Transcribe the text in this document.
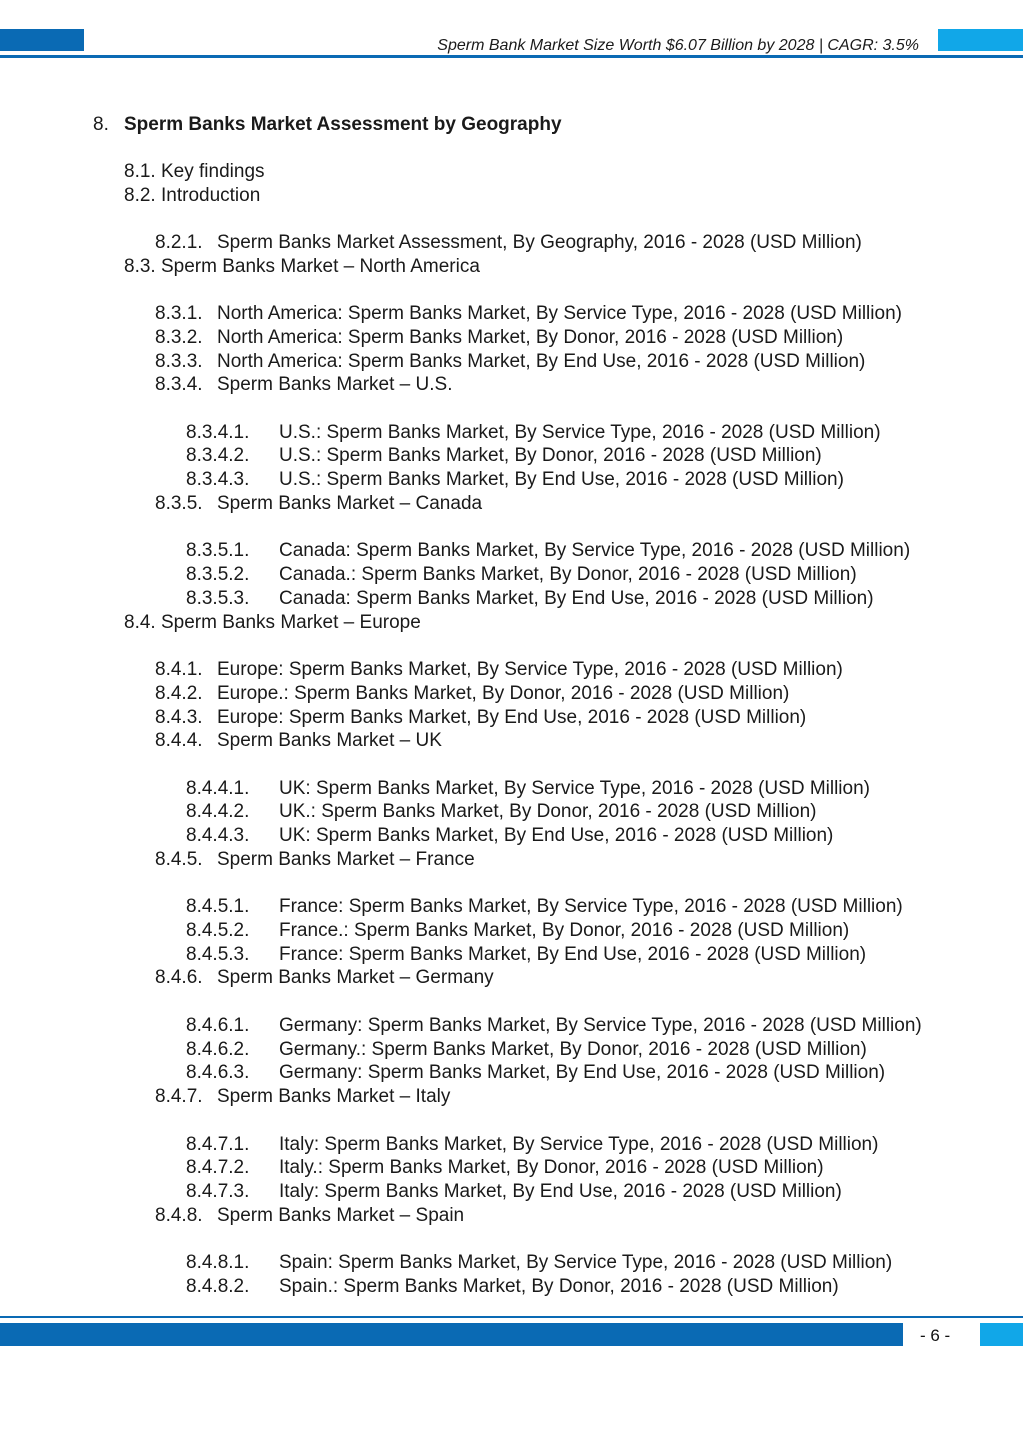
Sperm Bank Market Size Worth $6.07 Billion by 2028 | CAGR: 3.5%
8. Sperm Banks Market Assessment by Geography
8.1. Key findings
8.2. Introduction
8.2.1. Sperm Banks Market Assessment, By Geography, 2016 - 2028 (USD Million)
8.3. Sperm Banks Market – North America
8.3.1. North America: Sperm Banks Market, By Service Type, 2016 - 2028 (USD Million)
8.3.2. North America: Sperm Banks Market, By Donor, 2016 - 2028 (USD Million)
8.3.3. North America: Sperm Banks Market, By End Use, 2016 - 2028 (USD Million)
8.3.4. Sperm Banks Market – U.S.
8.3.4.1. U.S.: Sperm Banks Market, By Service Type, 2016 - 2028 (USD Million)
8.3.4.2. U.S.: Sperm Banks Market, By Donor, 2016 - 2028 (USD Million)
8.3.4.3. U.S.: Sperm Banks Market, By End Use, 2016 - 2028 (USD Million)
8.3.5. Sperm Banks Market – Canada
8.3.5.1. Canada: Sperm Banks Market, By Service Type, 2016 - 2028 (USD Million)
8.3.5.2. Canada.: Sperm Banks Market, By Donor, 2016 - 2028 (USD Million)
8.3.5.3. Canada: Sperm Banks Market, By End Use, 2016 - 2028 (USD Million)
8.4. Sperm Banks Market – Europe
8.4.1. Europe: Sperm Banks Market, By Service Type, 2016 - 2028 (USD Million)
8.4.2. Europe.: Sperm Banks Market, By Donor, 2016 - 2028 (USD Million)
8.4.3. Europe: Sperm Banks Market, By End Use, 2016 - 2028 (USD Million)
8.4.4. Sperm Banks Market – UK
8.4.4.1. UK: Sperm Banks Market, By Service Type, 2016 - 2028 (USD Million)
8.4.4.2. UK.: Sperm Banks Market, By Donor, 2016 - 2028 (USD Million)
8.4.4.3. UK: Sperm Banks Market, By End Use, 2016 - 2028 (USD Million)
8.4.5. Sperm Banks Market – France
8.4.5.1. France: Sperm Banks Market, By Service Type, 2016 - 2028 (USD Million)
8.4.5.2. France.: Sperm Banks Market, By Donor, 2016 - 2028 (USD Million)
8.4.5.3. France: Sperm Banks Market, By End Use, 2016 - 2028 (USD Million)
8.4.6. Sperm Banks Market – Germany
8.4.6.1. Germany: Sperm Banks Market, By Service Type, 2016 - 2028 (USD Million)
8.4.6.2. Germany.: Sperm Banks Market, By Donor, 2016 - 2028 (USD Million)
8.4.6.3. Germany: Sperm Banks Market, By End Use, 2016 - 2028 (USD Million)
8.4.7. Sperm Banks Market – Italy
8.4.7.1. Italy: Sperm Banks Market, By Service Type, 2016 - 2028 (USD Million)
8.4.7.2. Italy.: Sperm Banks Market, By Donor, 2016 - 2028 (USD Million)
8.4.7.3. Italy: Sperm Banks Market, By End Use, 2016 - 2028 (USD Million)
8.4.8. Sperm Banks Market – Spain
8.4.8.1. Spain: Sperm Banks Market, By Service Type, 2016 - 2028 (USD Million)
8.4.8.2. Spain.: Sperm Banks Market, By Donor, 2016 - 2028 (USD Million)
- 6 -
